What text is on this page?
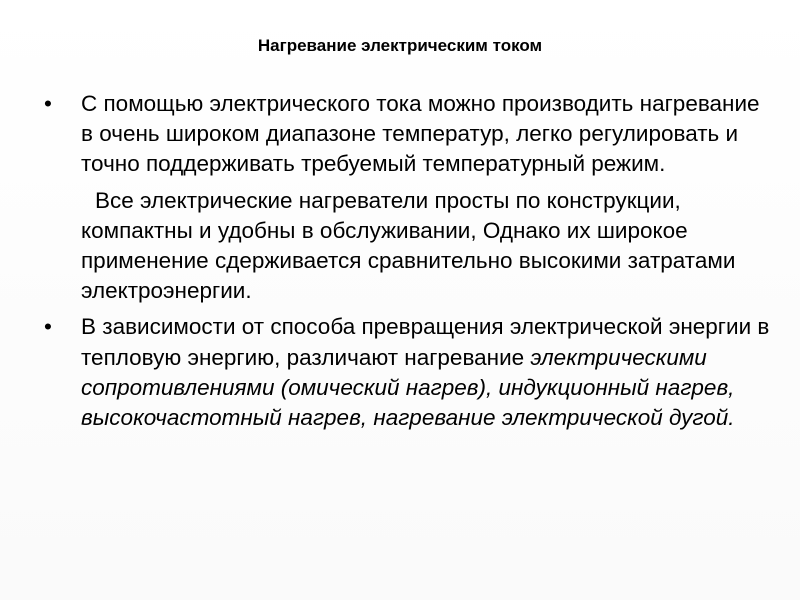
Нагревание электрическим током
•	С помощью электрического тока можно производить нагревание в очень широком диапазоне температур, легко регулировать и точно поддерживать требуемый температурный режим.
Все электрические нагреватели просты по конструкции, компактны и удобны в обслуживании, Однако их широкое применение сдерживается сравнительно высокими затратами электроэнергии.
•	В зависимости от способа превращения электрической энергии в тепловую энергию, различают нагревание электрическими сопротивлениями (омический нагрев), индукционный нагрев, высокочастотный нагрев, нагревание электрической дугой.
